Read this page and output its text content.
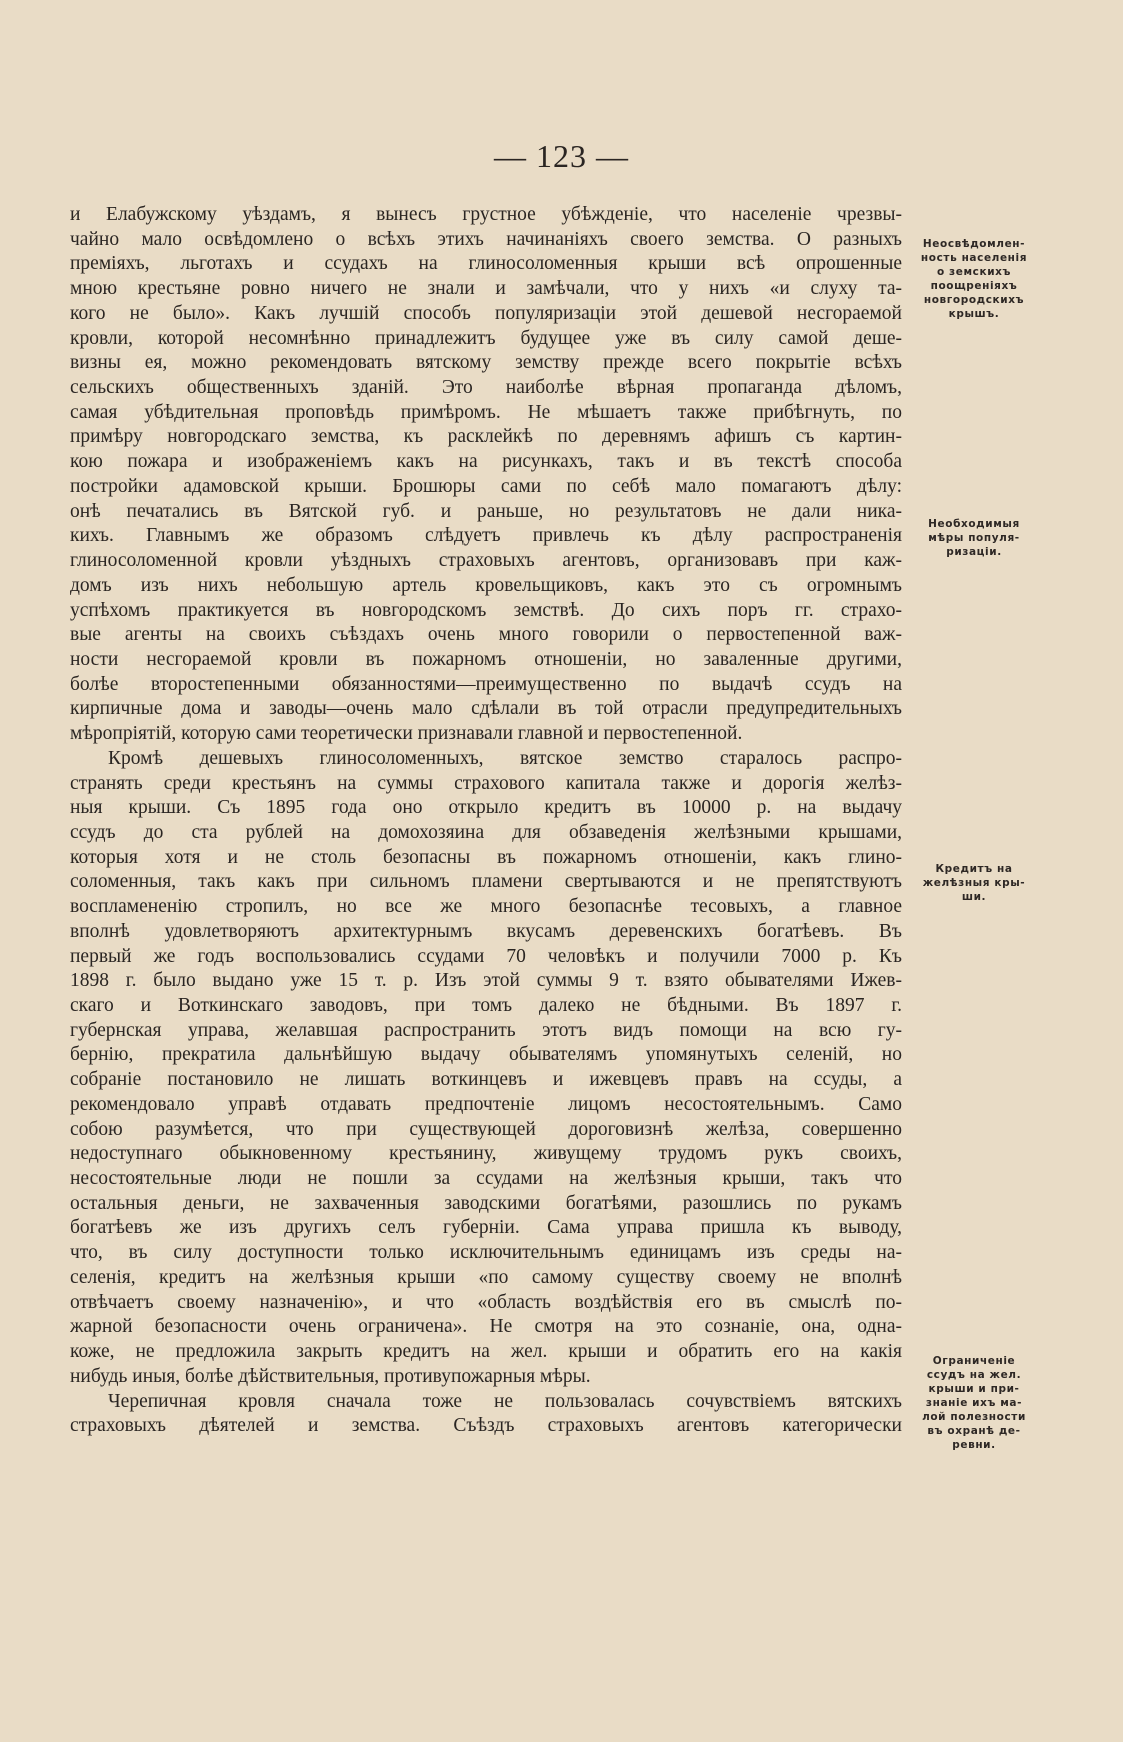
— 123 —
и Елабужскому уѣздамъ, я вынесъ грустное убѣжденіе, что населеніе чрезвы-
чайно мало освѣдомлено о всѣхъ этихъ начинаніяхъ своего земства. О разныхъ
преміяхъ, льготахъ и ссудахъ на глиносоломенныя крыши всѣ опрошенные
мною крестьяне ровно ничего не знали и замѣчали, что у нихъ «и слуху та-
кого не было». Какъ лучшій способъ популяризаціи этой дешевой несгораемой
кровли, которой несомнѣнно принадлежитъ будущее уже въ силу самой деше-
визны ея, можно рекомендовать вятскому земству прежде всего покрытіе всѣхъ
сельскихъ общественныхъ зданій. Это наиболѣе вѣрная пропаганда дѣломъ,
самая убѣдительная проповѣдь примѣромъ. Не мѣшаетъ также прибѣгнуть, по
примѣру новгородскаго земства, къ расклейкѣ по деревнямъ афишъ съ картин-
кою пожара и изображеніемъ какъ на рисункахъ, такъ и въ текстѣ способа
постройки адамовской крыши. Брошюры сами по себѣ мало помагаютъ дѣлу:
онѣ печатались въ Вятской губ. и раньше, но результатовъ не дали ника-
кихъ. Главнымъ же образомъ слѣдуетъ привлечь къ дѣлу распространенія
глиносоломенной кровли уѣздныхъ страховыхъ агентовъ, организовавъ при каж-
домъ изъ нихъ небольшую артель кровельщиковъ, какъ это съ огромнымъ
успѣхомъ практикуется въ новгородскомъ земствѣ. До сихъ поръ гг. страхо-
вые агенты на своихъ съѣздахъ очень много говорили о первостепенной важ-
ности несгораемой кровли въ пожарномъ отношеніи, но заваленные другими,
болѣе второстепенными обязанностями—преимущественно по выдачѣ ссудъ на
кирпичные дома и заводы—очень мало сдѣлали въ той отрасли предупредительныхъ
мѣропріятій, которую сами теоретически признавали главной и первостепенной.
Кромѣ дешевыхъ глиносоломенныхъ, вятское земство старалось распро-
странять среди крестьянъ на суммы страхового капитала также и дорогія желѣз-
ныя крыши. Съ 1895 года оно открыло кредитъ въ 10000 р. на выдачу
ссудъ до ста рублей на домохозяина для обзаведенія желѣзными крышами,
которыя хотя и не столь безопасны въ пожарномъ отношеніи, какъ глино-
соломенныя, такъ какъ при сильномъ пламени свертываются и не препятствуютъ
воспламененію стропилъ, но все же много безопаснѣе тесовыхъ, а главное
вполнѣ удовлетворяютъ архитектурнымъ вкусамъ деревенскихъ богатѣевъ. Въ
первый же годъ воспользовались ссудами 70 человѣкъ и получили 7000 р. Къ
1898 г. было выдано уже 15 т. р. Изъ этой суммы 9 т. взято обывателями Ижев-
скаго и Воткинскаго заводовъ, при томъ далеко не бѣдными. Въ 1897 г.
губернская управа, желавшая распространить этотъ видъ помощи на всю гу-
бернію, прекратила дальнѣйшую выдачу обывателямъ упомянутыхъ селеній, но
собраніе постановило не лишать воткинцевъ и ижевцевъ правъ на ссуды, а
рекомендовало управѣ отдавать предпочтеніе лицомъ несостоятельнымъ. Само
собою разумѣется, что при существующей дороговизнѣ желѣза, совершенно
недоступнаго обыкновенному крестьянину, живущему трудомъ рукъ своихъ,
несостоятельные люди не пошли за ссудами на желѣзныя крыши, такъ что
остальныя деньги, не захваченныя заводскими богатѣями, разошлись по рукамъ
богатѣевъ же изъ другихъ селъ губерніи. Сама управа пришла къ выводу,
что, въ силу доступности только исключительнымъ единицамъ изъ среды на-
селенія, кредитъ на желѣзныя крыши «по самому существу своему не вполнѣ
отвѣчаетъ своему назначенію», и что «область воздѣйствія его въ смыслѣ по-
жарной безопасности очень ограничена». Не смотря на это сознаніе, она, одна-
коже, не предложила закрыть кредитъ на жел. крыши и обратить его на какія
нибудь иныя, болѣе дѣйствительныя, противупожарныя мѣры.
Черепичная кровля сначала тоже не пользовалась сочувствіемъ вятскихъ
страховыхъ дѣятелей и земства. Съѣздъ страховыхъ агентовъ категорически
Неосвѣдомлен-
ность населенія
о земскихъ
поощреніяхъ
новгородскихъ
крышъ.
Необходимыя
мѣры популя-
ризаціи.
Кредитъ на
желѣзныя кры-
ши.
Ограниченіе
ссудъ на жел.
крыши и при-
знаніе ихъ ма-
лой полезности
въ охранѣ де-
ревни.
